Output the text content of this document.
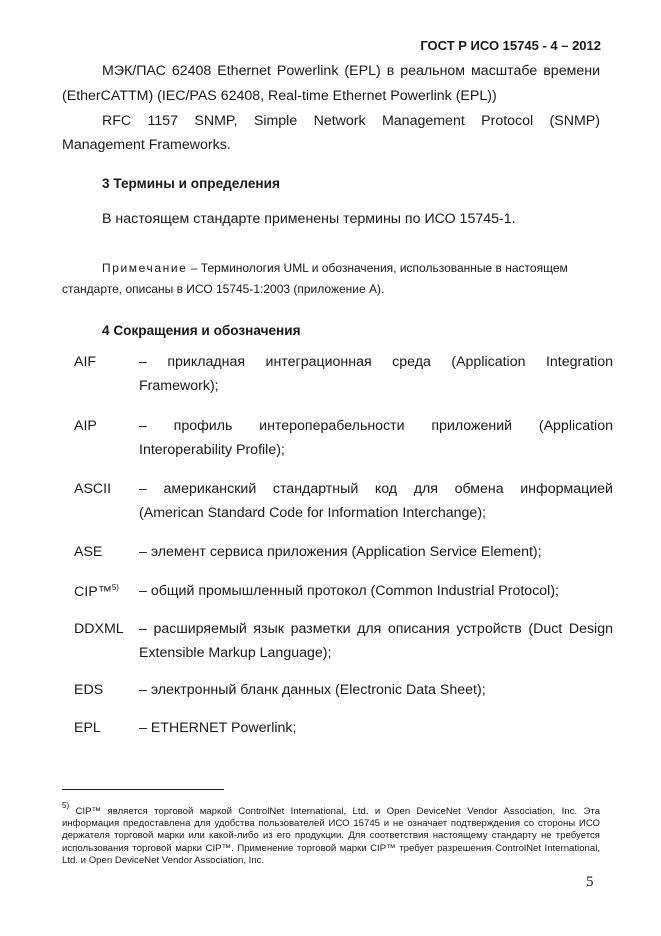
ГОСТ Р ИСО 15745 - 4 – 2012
МЭК/ПАС 62408 Ethernet Powerlink (EPL) в реальном масштабе времени
(EtherCATTM) (IEC/PAS 62408, Real-time Ethernet Powerlink (EPL))
RFC 1157 SNMP, Simple Network Management Protocol (SNMP)
Management Frameworks.
3 Термины и определения
В настоящем стандарте применены термины по ИСО 15745-1.
Примечание – Терминология UML и обозначения, использованные в настоящем
стандарте, описаны в ИСО 15745-1:2003 (приложение А).
4 Сокращения и обозначения
AIF	– прикладная интеграционная среда (Application Integration
Framework);
AIP	– профиль интероперабельности приложений (Application
Interoperability Profile);
ASCII – американский стандартный код для обмена информацией
(American Standard Code for Information Interchange);
ASE	– элемент сервиса приложения (Application Service Element);
CIP™$^{5)}$ – общий промышленный протокол (Common Industrial Protocol);
DDXML – расширяемый язык разметки для описания устройств (Duct Design
Extensible Markup Language);
EDS	– электронный бланк данных (Electronic Data Sheet);
EPL	– ETHERNET Powerlink;
$^{5)}$ CIP™ является торговой маркой ControlNet International, Ltd. и Open DeviceNet Vendor Association, Inc. Эта информация предоставлена для удобства пользователей ИСО 15745 и не означает подтверждения со стороны ИСО держателя торговой марки или какой-либо из его продукции. Для соответствия настоящему стандарту не требуется использования торговой марки CIP™. Применение торговой марки CIP™ требует разрешения ControlNet International, Ltd. и Open DeviceNet Vendor Association, Inc.
5
